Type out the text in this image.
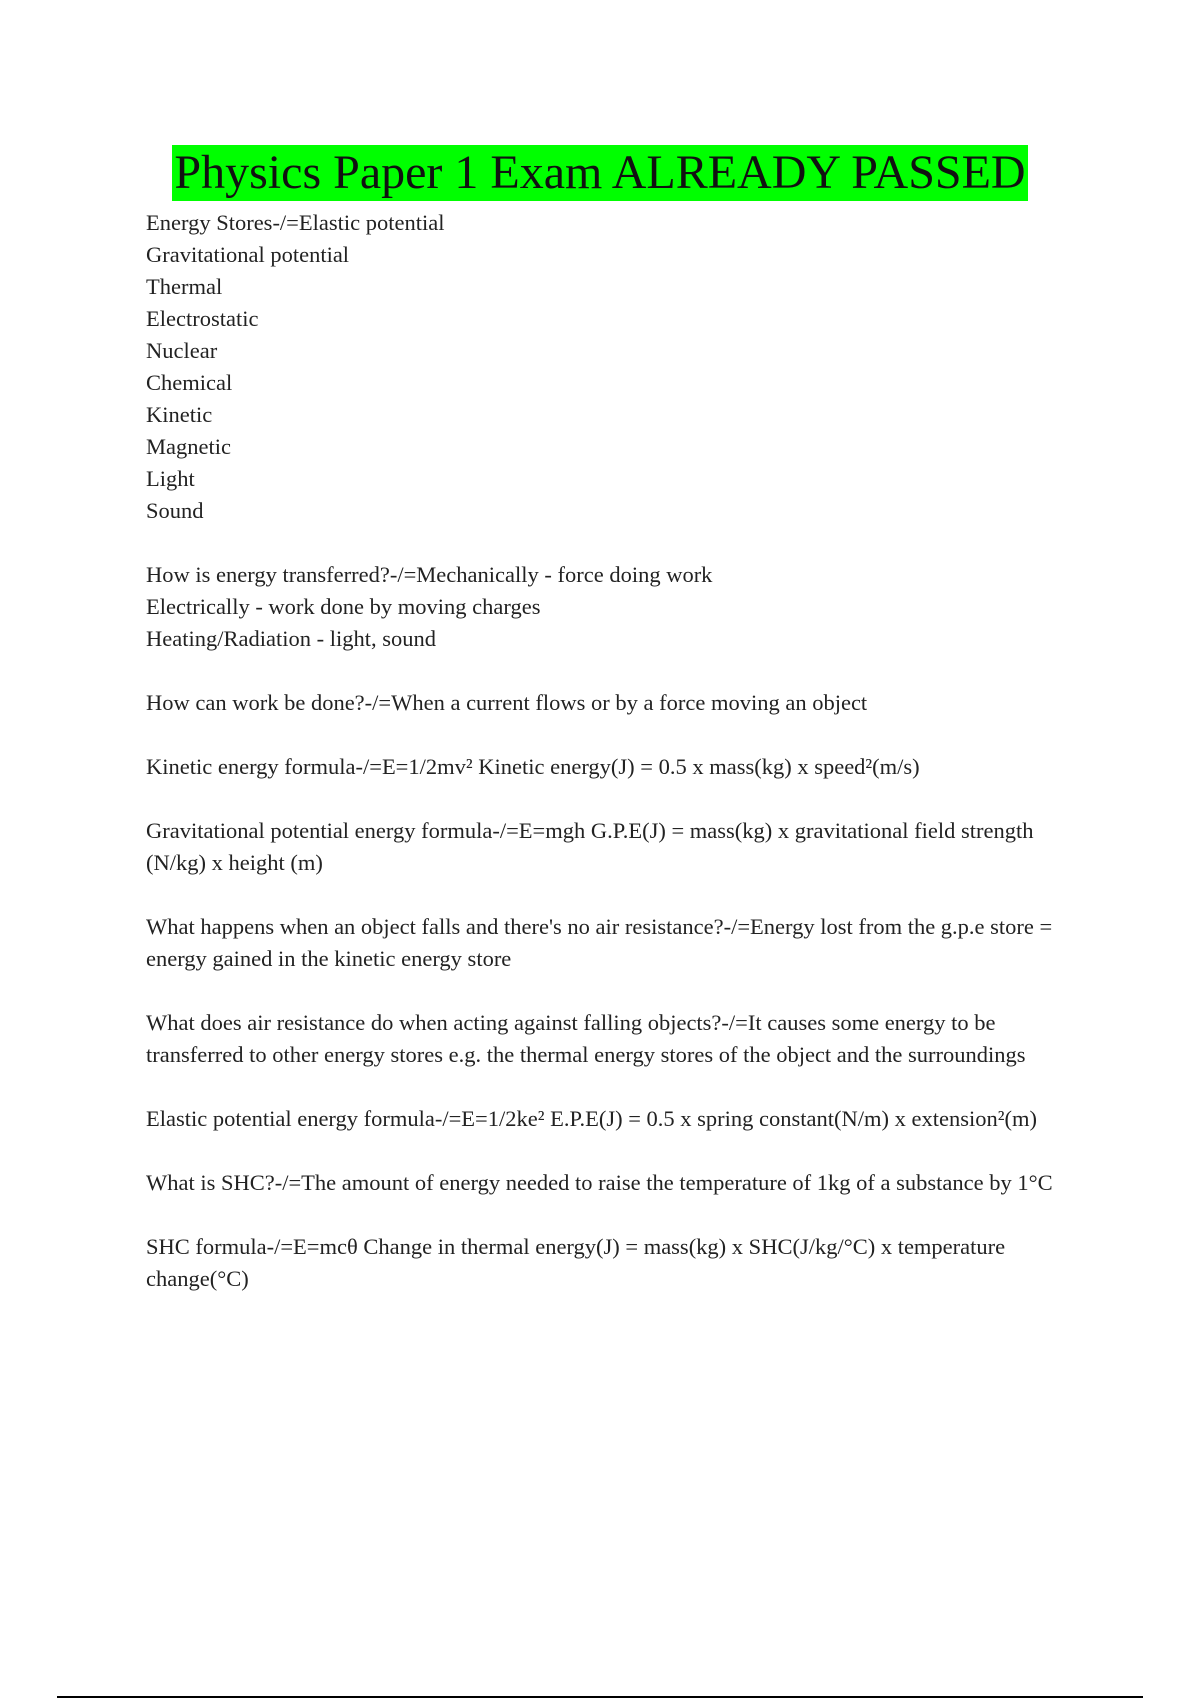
Physics Paper 1 Exam ALREADY PASSED
Energy Stores-/=Elastic potential
Gravitational potential
Thermal
Electrostatic
Nuclear
Chemical
Kinetic
Magnetic
Light
Sound
How is energy transferred?-/=Mechanically - force doing work
Electrically - work done by moving charges
Heating/Radiation - light, sound

How can work be done?-/=When a current flows or by a force moving an object

Kinetic energy formula-/=E=1/2mv² Kinetic energy(J) = 0.5 x mass(kg) x speed²(m/s)

Gravitational potential energy formula-/=E=mgh G.P.E(J) = mass(kg) x gravitational field strength (N/kg) x height (m)

What happens when an object falls and there's no air resistance?-/=Energy lost from the g.p.e store = energy gained in the kinetic energy store

What does air resistance do when acting against falling objects?-/=It causes some energy to be transferred to other energy stores e.g. the thermal energy stores of the object and the surroundings

Elastic potential energy formula-/=E=1/2ke² E.P.E(J) = 0.5 x spring constant(N/m) x extension²(m)

What is SHC?-/=The amount of energy needed to raise the temperature of 1kg of a substance by 1°C

SHC formula-/=E=mcθ Change in thermal energy(J) = mass(kg) x SHC(J/kg/°C) x temperature change(°C)
